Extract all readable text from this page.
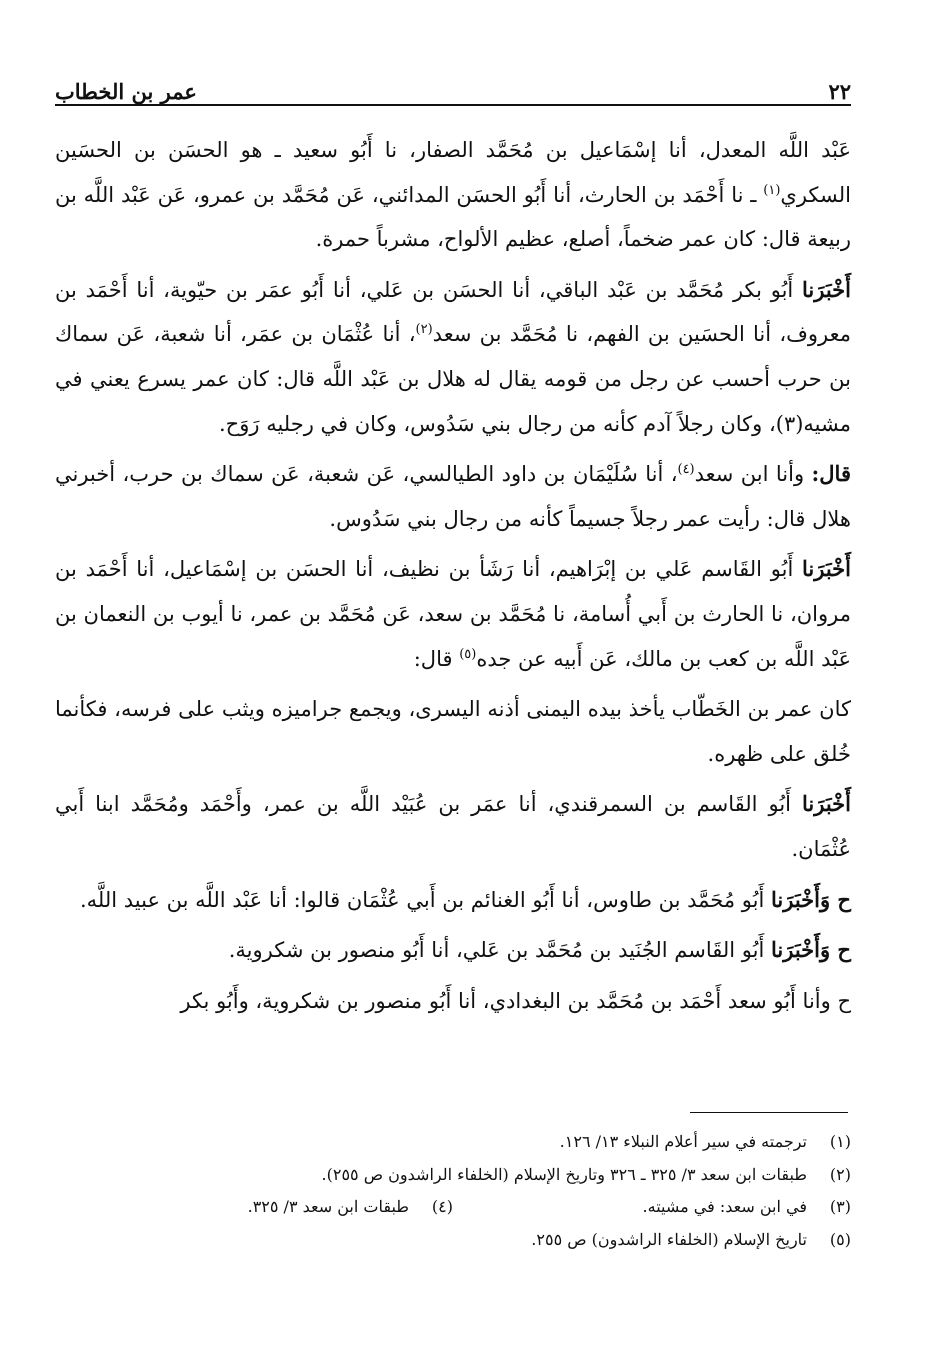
٢٢
عمر بن الخطاب

عَبْد اللَّه المعدل، أنا إسْمَاعيل بن مُحَمَّد الصفار، نا أَبُو سعيد ـ هو الحسَن بن الحسَين السكري$^{(١)}$ ـ نا أَحْمَد بن الحارث، أنا أَبُو الحسَن المدائني، عَن مُحَمَّد بن عمرو، عَن عَبْد اللَّه بن ربيعة قال: كان عمر ضخماً، أصلع، عظيم الألواح، مشرباً حمرة.

أَخْبَرَنا أَبُو بكر مُحَمَّد بن عَبْد الباقي، أنا الحسَن بن عَلي، أنا أَبُو عمَر بن حيّوية، أنا أَحْمَد بن معروف، أنا الحسَين بن الفهم، نا مُحَمَّد بن سعد$^{(٢)}$، أنا عُثْمَان بن عمَر، أنا شعبة، عَن سماك بن حرب أحسب عن رجل من قومه يقال له هلال بن عَبْد اللَّه قال: كان عمر يسرع يعني في مشيه(٣)، وكان رجلاً آدم كأنه من رجال بني سَدُوس، وكان في رجليه رَوَح.

قال: وأنا ابن سعد$^{(٤)}$، أنا سُلَيْمَان بن داود الطيالسي، عَن شعبة، عَن سماك بن حرب، أخبرني هلال قال: رأيت عمر رجلاً جسيماً كأنه من رجال بني سَدُوس.

أَخْبَرَنا أَبُو القَاسم عَلي بن إبْرَاهيم، أنا رَشَأ بن نظيف، أنا الحسَن بن إسْمَاعيل، أنا أَحْمَد بن مروان، نا الحارث بن أَبي أُسامة، نا مُحَمَّد بن سعد، عَن مُحَمَّد بن عمر، نا أيوب بن النعمان بن عَبْد اللَّه بن كعب بن مالك، عَن أَبيه عن جده$^{(٥)}$ قال:

كان عمر بن الخَطّاب يأخذ بيده اليمنى أذنه اليسرى، ويجمع جراميزه ويثب على فرسه، فكأنما خُلق على ظهره.

أَخْبَرَنا أَبُو القَاسم بن السمرقندي، أنا عمَر بن عُبَيْد اللَّه بن عمر، وأَحْمَد ومُحَمَّد ابنا أَبي عُثْمَان.

ح وَأَخْبَرَنا أَبُو مُحَمَّد بن طاوس، أنا أَبُو الغنائم بن أَبي عُثْمَان قالوا: أنا عَبْد اللَّه بن عبيد اللَّه.

ح وَأَخْبَرَنا أَبُو القَاسم الجُنَيد بن مُحَمَّد بن عَلي، أنا أَبُو منصور بن شكروية.

ح وأنا أَبُو سعد أَحْمَد بن مُحَمَّد بن البغدادي، أنا أَبُو منصور بن شكروية، وأَبُو بكر

(١)
ترجمته في سير أعلام النبلاء ١٣/ ١٢٦.
(٢)
طبقات ابن سعد ٣/ ٣٢٥ ـ ٣٢٦ وتاريخ الإسلام (الخلفاء الراشدون ص ٢٥٥).
(٣)
في ابن سعد: في مشيته.
(٤)
طبقات ابن سعد ٣/ ٣٢٥.
(٥)
تاريخ الإسلام (الخلفاء الراشدون) ص ٢٥٥.
